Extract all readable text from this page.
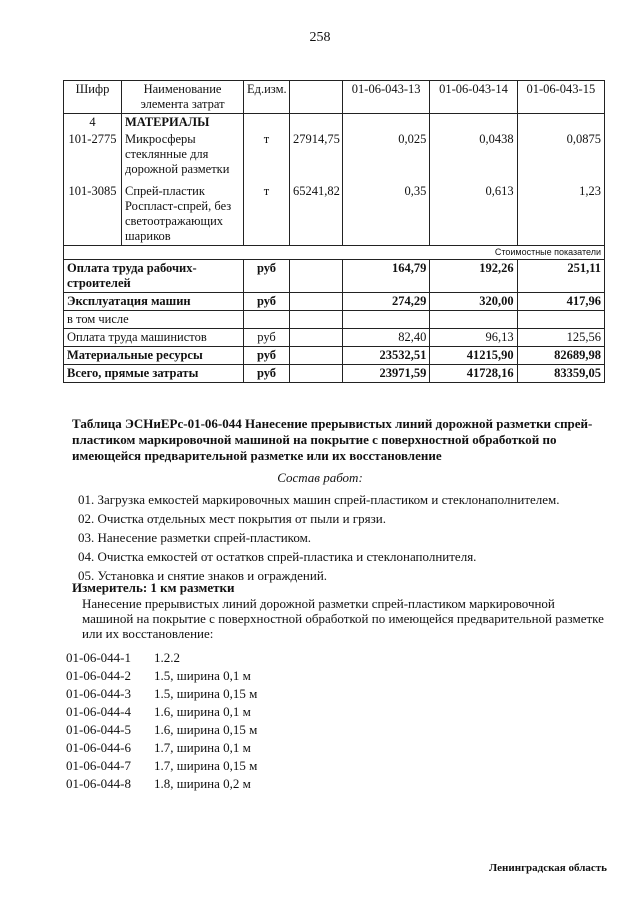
258
Шифр	Наименование элемента затрат	Ед.изм.		01-06-043-13	01-06-043-14	01-06-043-15
4	МАТЕРИАЛЫ					
101-2775	Микросферы стеклянные для дорожной разметки	т	27914,75	0,025	0,0438	0,0875
101-3085	Спрей-пластик Роспласт-спрей, без светоотражающих шариков	т	65241,82	0,35	0,613	1,23
Стоимостные показатели						
Оплата труда рабочих-строителей		руб		164,79	192,26	251,11
Эксплуатация машин		руб		274,29	320,00	417,96
в том числе						
Оплата труда машинистов		руб		82,40	96,13	125,56
Материальные ресурсы		руб		23532,51	41215,90	82689,98
Всего, прямые затраты		руб		23971,59	41728,16	83359,05
Таблица ЭСНиЕРс-01-06-044 Нанесение прерывистых линий дорожной разметки спрей-пластиком маркировочной машиной на покрытие с поверхностной обработкой по имеющейся предварительной разметке или их восстановление
Состав работ:
01. Загрузка емкостей маркировочных машин спрей-пластиком и стеклонаполнителем.
02. Очистка отдельных мест покрытия от пыли и грязи.
03. Нанесение разметки спрей-пластиком.
04. Очистка емкостей от остатков спрей-пластика и стеклонаполнителя.
05. Установка и снятие знаков и ограждений.
Измеритель: 1 км разметки
Нанесение прерывистых линий дорожной разметки спрей-пластиком маркировочной машиной на покрытие с поверхностной обработкой по имеющейся предварительной разметке или их восстановление:
01-06-044-1	1.2.2
01-06-044-2	1.5, ширина 0,1 м
01-06-044-3	1.5, ширина 0,15 м
01-06-044-4	1.6, ширина 0,1 м
01-06-044-5	1.6, ширина 0,15 м
01-06-044-6	1.7, ширина 0,1 м
01-06-044-7	1.7, ширина 0,15 м
01-06-044-8	1.8, ширина 0,2 м
Ленинградская область
